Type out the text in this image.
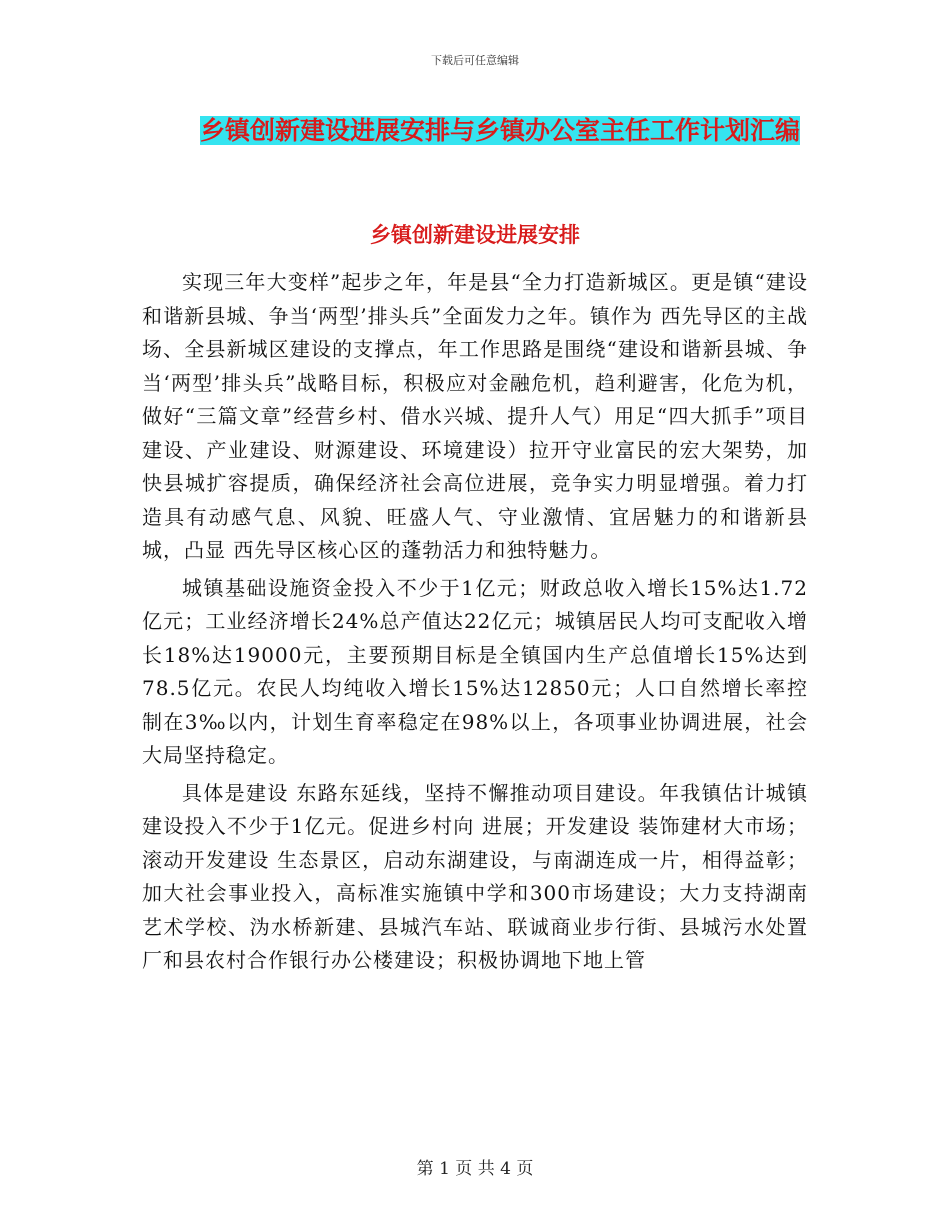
下载后可任意编辑
乡镇创新建设进展安排与乡镇办公室主任工作计划汇编
乡镇创新建设进展安排

实现三年大变样”起步之年，年是县“全力打造新城区。更是镇“建设和谐新县城、争当‘两型’排头兵”全面发力之年。镇作为 西先导区的主战场、全县新城区建设的支撑点，年工作思路是围绕“建设和谐新县城、争当‘两型’排头兵”战略目标，积极应对金融危机，趋利避害，化危为机，做好“三篇文章”经营乡村、借水兴城、提升人气）用足“四大抓手”项目建设、产业建设、财源建设、环境建设）拉开守业富民的宏大架势，加快县城扩容提质，确保经济社会高位进展，竞争实力明显增强。着力打造具有动感气息、风貌、旺盛人气、守业激情、宜居魅力的和谐新县城，凸显 西先导区核心区的蓬勃活力和独特魅力。

城镇基础设施资金投入不少于1亿元；财政总收入增长15%达1.72亿元；工业经济增长24%总产值达22亿元；城镇居民人均可支配收入增长18%达19000元，主要预期目标是全镇国内生产总值增长15%达到78.5亿元。农民人均纯收入增长15%达12850元；人口自然增长率控制在3‰以内，计划生育率稳定在98%以上，各项事业协调进展，社会大局坚持稳定。

具体是建设 东路东延线，坚持不懈推动项目建设。年我镇估计城镇建设投入不少于1亿元。促进乡村向 进展；开发建设 装饰建材大市场；滚动开发建设 生态景区，启动东湖建设，与南湖连成一片，相得益彰；加大社会事业投入，高标准实施镇中学和300市场建设；大力支持湖南艺术学校、沩水桥新建、县城汽车站、联诚商业步行街、县城污水处置厂和县农村合作银行办公楼建设；积极协调地下地上管

第 1 页 共 4 页
